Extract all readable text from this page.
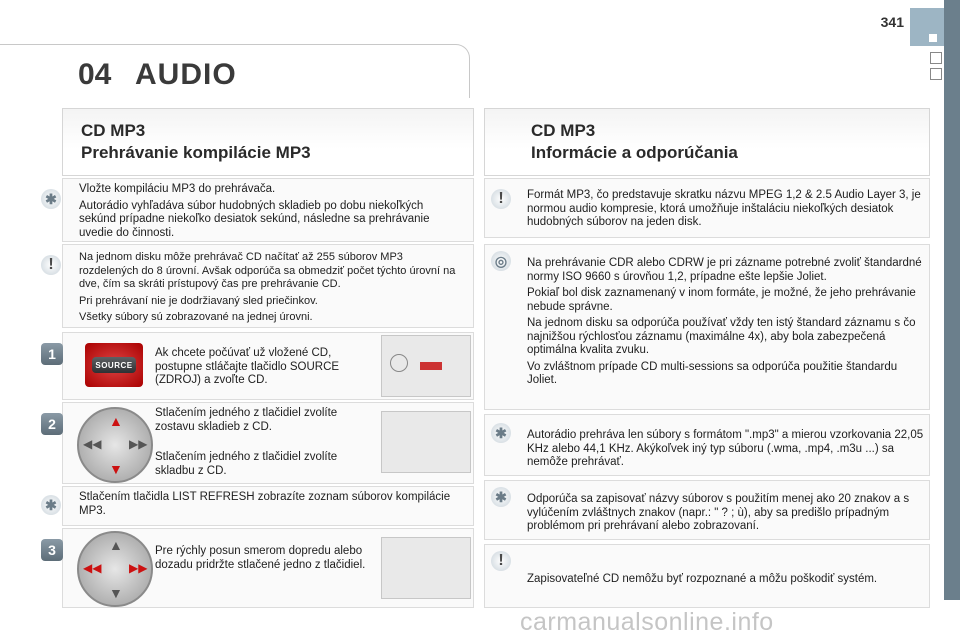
341
04 AUDIO
CD MP3
Prehrávanie kompilácie MP3
✱

Vložte kompiláciu MP3 do prehrávača.

Autorádio vyhľadáva súbor hudobných skladieb po dobu niekoľkých sekúnd prípadne niekoľko desiatok sekúnd, následne sa prehrávanie uvedie do činnosti.

!	Na jednom disku môže prehrávač CD načítať až 255 súborov MP3 rozdelených do 8 úrovní. Avšak odporúča sa obmedziť počet týchto úrovní na dve, čím sa skráti prístupový čas pre prehrávanie CD.

Pri prehrávaní nie je dodržiavaný sled priečinkov.

Všetky súbory sú zobrazované na jednej úrovni.

1
SOURCE
Ak chcete počúvať už vložené CD, postupne stláčajte tlačidlo SOURCE (ZDROJ) a zvoľte CD.
2	▲
▼
◀◀ ▶▶
Stlačením jedného z tlačidiel zvolíte zostavu skladieb z CD.
Stlačením jedného z tlačidiel zvolíte skladbu z CD.
✱	Stlačením tlačidla LIST REFRESH zobrazíte zoznam súborov kompilácie MP3.
3	▲
▼
◀◀ ▶▶
Pre rýchly posun smerom dopredu alebo dozadu pridržte stlačené jedno z tlačidiel.
CD MP3
Informácie a odporúčania
!	Formát MP3, čo predstavuje skratku názvu MPEG 1,2 & 2.5 Audio Layer 3, je normou audio kompresie, ktorá umožňuje inštaláciu niekoľkých desiatok hudobných súborov na jeden disk.
◎	Na prehrávanie CDR alebo CDRW je pri zázname potrebné zvoliť štandardné normy ISO 9660 s úrovňou 1,2, prípadne ešte lepšie Joliet.

Pokiaľ bol disk zaznamenaný v inom formáte, je možné, že jeho prehrávanie nebude správne.

Na jednom disku sa odporúča používať vždy ten istý štandard záznamu s čo najnižšou rýchlosťou záznamu (maximálne 4x), aby bola zabezpečená optimálna kvalita zvuku.

Vo zvláštnom prípade CD multi-sessions sa odporúča použitie štandardu Joliet.

✱	Autorádio prehráva len súbory s formátom ".mp3" a mierou vzorkovania 22,05 KHz alebo 44,1 KHz. Akýkoľvek iný typ súboru (.wma, .mp4, .m3u ...) sa nemôže prehrávať.
✱	Odporúča sa zapisovať názvy súborov s použitím menej ako 20 znakov a s vylúčením zvláštnych znakov (napr.: " ? ; ù), aby sa predišlo prípadným problémom pri prehrávaní alebo zobrazovaní.
!
Zapisovateľné CD nemôžu byť rozpoznané a môžu poškodiť systém.
carmanualsonline.info
